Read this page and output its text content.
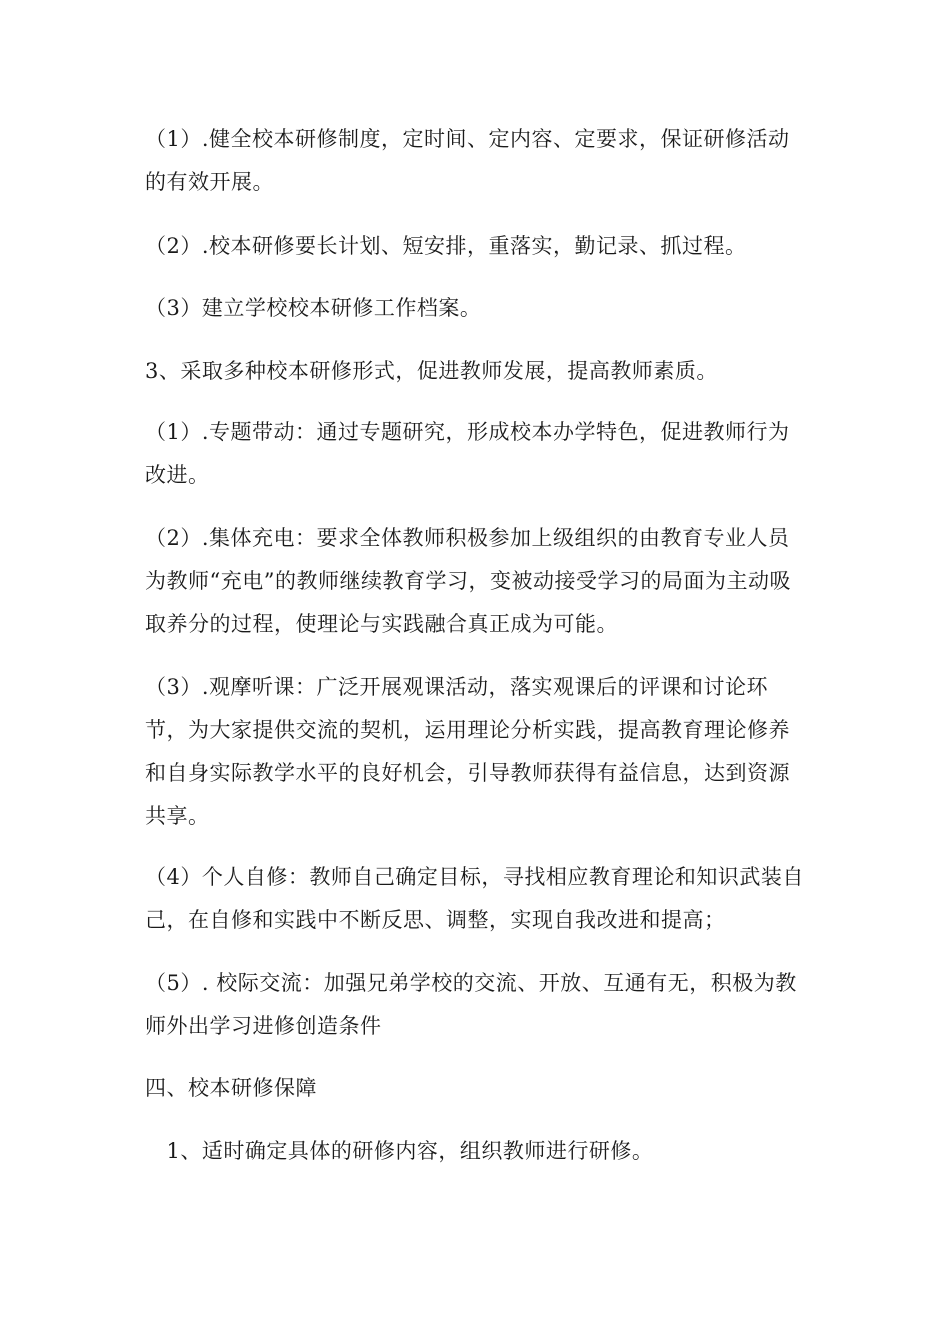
（1）.健全校本研修制度，定时间、定内容、定要求，保证研修活动的有效开展。

（2）.校本研修要长计划、短安排，重落实，勤记录、抓过程。

（3）建立学校校本研修工作档案。

3、采取多种校本研修形式，促进教师发展，提高教师素质。

（1）.专题带动：通过专题研究，形成校本办学特色，促进教师行为改进。

（2）.集体充电：要求全体教师积极参加上级组织的由教育专业人员为教师“充电”的教师继续教育学习，变被动接受学习的局面为主动吸取养分的过程，使理论与实践融合真正成为可能。

（3）.观摩听课：广泛开展观课活动，落实观课后的评课和讨论环节，为大家提供交流的契机，运用理论分析实践，提高教育理论修养和自身实际教学水平的良好机会，引导教师获得有益信息，达到资源共享。

（4）个人自修：教师自己确定目标，寻找相应教育理论和知识武装自己，在自修和实践中不断反思、调整，实现自我改进和提高；

（5）. 校际交流：加强兄弟学校的交流、开放、互通有无，积极为教师外出学习进修创造条件

四、校本研修保障

　1、适时确定具体的研修内容，组织教师进行研修。
